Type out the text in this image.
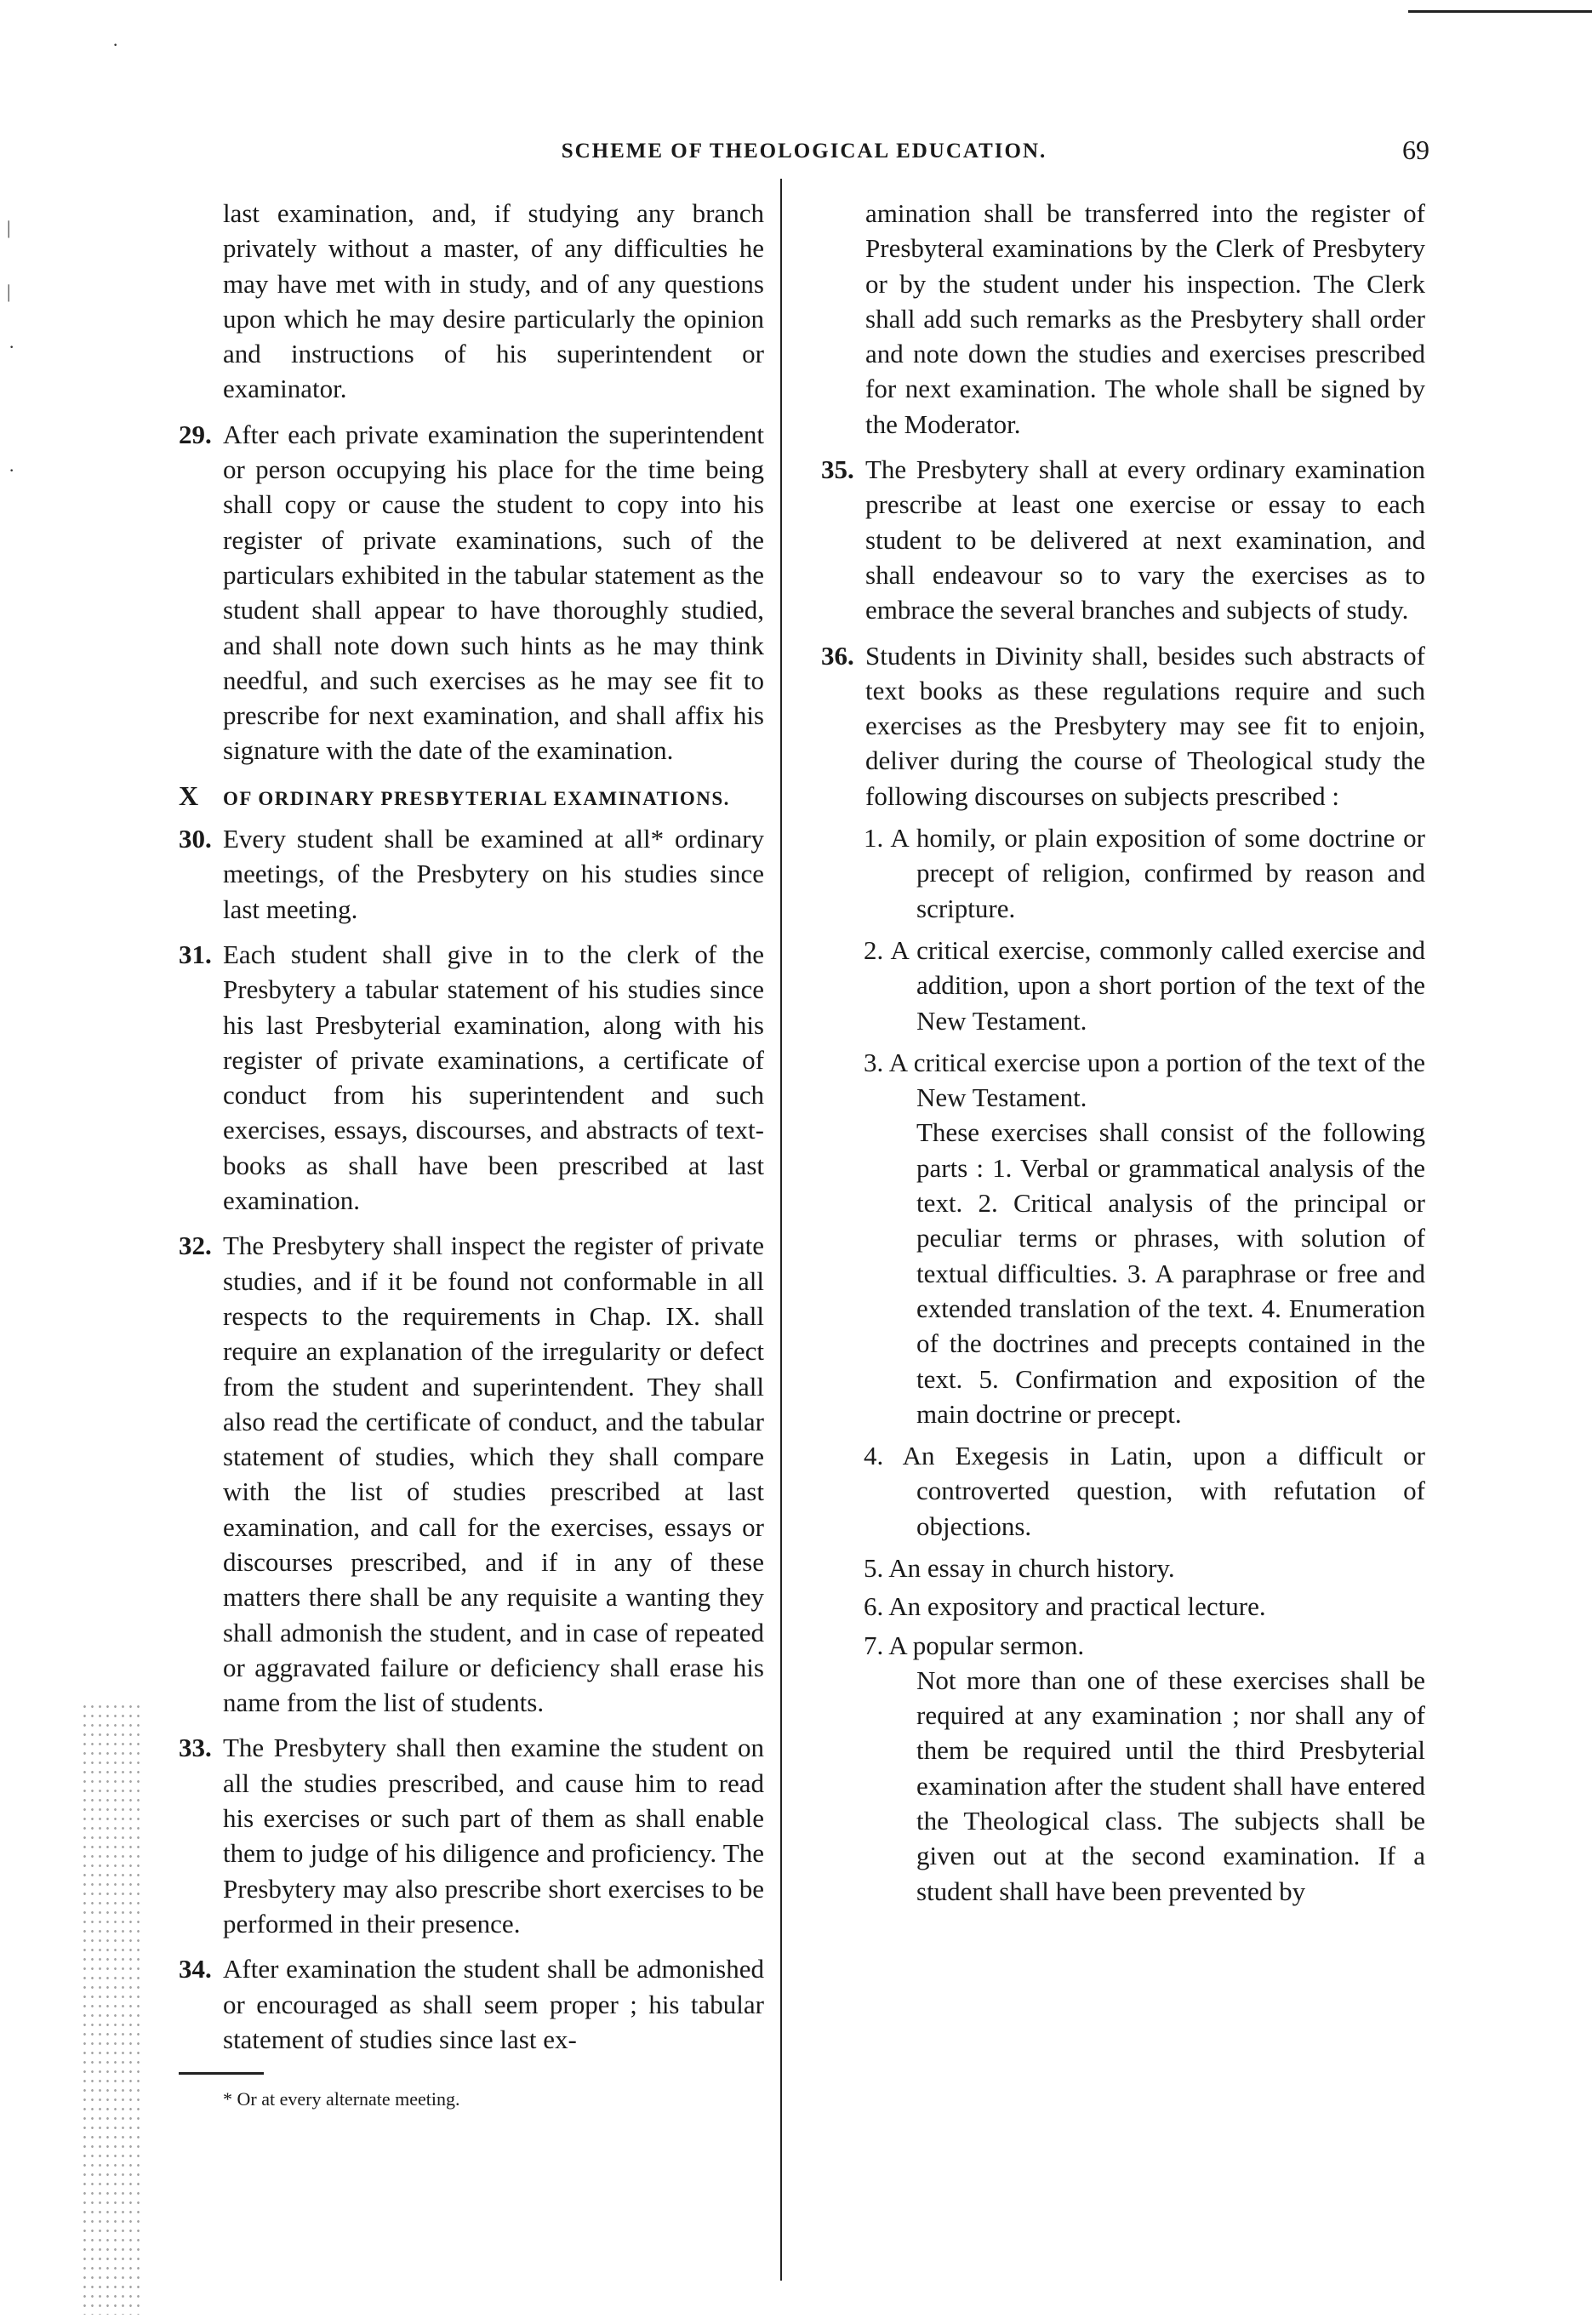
·
|
|
·
·
SCHEME OF THEOLOGICAL EDUCATION.	69

last examination, and, if studying any branch privately without a master, of any difficulties he may have met with in study, and of any questions upon which he may desire particularly the opinion and instructions of his superintendent or examinator.

29. After each private examination the superintendent or person occupying his place for the time being shall copy or cause the student to copy into his register of private examinations, such of the particulars exhibited in the tabular statement as the student shall appear to have thoroughly studied, and shall note down such hints as he may think needful, and such exercises as he may see fit to prescribe for next examination, and shall affix his signature with the date of the examination.

X OF ORDINARY PRESBYTERIAL EXAMINATIONS.

30. Every student shall be examined at all* ordinary meetings, of the Presbytery on his studies since last meeting.

31. Each student shall give in to the clerk of the Presbytery a tabular statement of his studies since his last Presbyterial examination, along with his register of private examinations, a certificate of conduct from his superintendent and such exercises, essays, discourses, and abstracts of text-books as shall have been prescribed at last examination.

32. The Presbytery shall inspect the register of private studies, and if it be found not conformable in all respects to the requirements in Chap. IX. shall require an explanation of the irregularity or defect from the student and superintendent. They shall also read the certificate of conduct, and the tabular statement of studies, which they shall compare with the list of studies prescribed at last examination, and call for the exercises, essays or discourses prescribed, and if in any of these matters there shall be any requisite a wanting they shall admonish the student, and in case of repeated or aggravated failure or deficiency shall erase his name from the list of students.

33. The Presbytery shall then examine the student on all the studies prescribed, and cause him to read his exercises or such part of them as shall enable them to judge of his diligence and proficiency. The Presbytery may also prescribe short exercises to be performed in their presence.

34. After examination the student shall be admonished or encouraged as shall seem proper ; his tabular statement of studies since last ex-

* Or at every alternate meeting.

amination shall be transferred into the register of Presbyteral examinations by the Clerk of Presbytery or by the student under his inspection. The Clerk shall add such remarks as the Presbytery shall order and note down the studies and exercises prescribed for next examination. The whole shall be signed by the Moderator.

35. The Presbytery shall at every ordinary examination prescribe at least one exercise or essay to each student to be delivered at next examination, and shall endeavour so to vary the exercises as to embrace the several branches and subjects of study.

36. Students in Divinity shall, besides such abstracts of text books as these regulations require and such exercises as the Presbytery may see fit to enjoin, deliver during the course of Theological study the following discourses on subjects prescribed :

1. A homily, or plain exposition of some doctrine or precept of religion, confirmed by reason and scripture.

2. A critical exercise, commonly called exercise and addition, upon a short portion of the text of the New Testament.

3. A critical exercise upon a portion of the text of the New Testament.

These exercises shall consist of the following parts : 1. Verbal or grammatical analysis of the text. 2. Critical analysis of the principal or peculiar terms or phrases, with solution of textual difficulties. 3. A paraphrase or free and extended translation of the text. 4. Enumeration of the doctrines and precepts contained in the text. 5. Confirmation and exposition of the main doctrine or precept.

4. An Exegesis in Latin, upon a difficult or controverted question, with refutation of objections.

5. An essay in church history.

6. An expository and practical lecture.

7. A popular sermon.

Not more than one of these exercises shall be required at any examination ; nor shall any of them be required until the third Presbyterial examination after the student shall have entered the Theological class. The subjects shall be given out at the second examination. If a student shall have been prevented by
